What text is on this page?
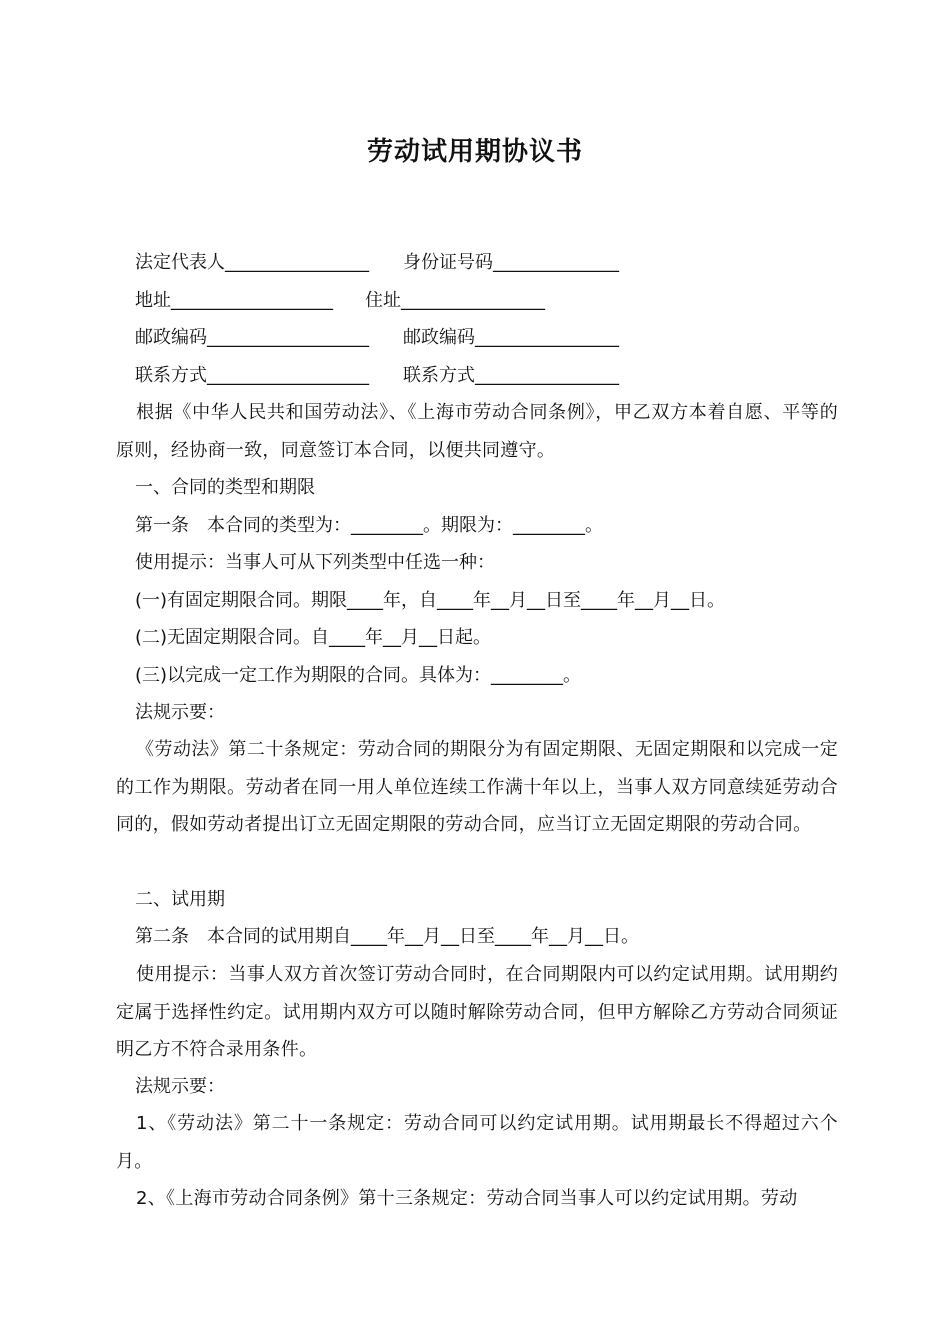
劳动试用期协议书
法定代表人________________ 身份证号码______________
地址__________________ 住址________________
邮政编码__________________ 邮政编码________________
联系方式__________________ 联系方式________________
根据《中华人民共和国劳动法》、《上海市劳动合同条例》，甲乙双方本着自愿、平等的原则，经协商一致，同意签订本合同，以便共同遵守。
一、合同的类型和期限
第一条　本合同的类型为：________。期限为：________。
使用提示：当事人可从下列类型中任选一种：
(一)有固定期限合同。期限____年，自____年__月__日至____年__月__日。
(二)无固定期限合同。自____年__月__日起。
(三)以完成一定工作为期限的合同。具体为：________。
法规示要：
《劳动法》第二十条规定：劳动合同的期限分为有固定期限、无固定期限和以完成一定的工作为期限。劳动者在同一用人单位连续工作满十年以上，当事人双方同意续延劳动合同的，假如劳动者提出订立无固定期限的劳动合同，应当订立无固定期限的劳动合同。
二、试用期
第二条　本合同的试用期自____年__月__日至____年__月__日。
使用提示：当事人双方首次签订劳动合同时，在合同期限内可以约定试用期。试用期约定属于选择性约定。试用期内双方可以随时解除劳动合同，但甲方解除乙方劳动合同须证明乙方不符合录用条件。
法规示要：
1、《劳动法》第二十一条规定：劳动合同可以约定试用期。试用期最长不得超过六个月。
2、《上海市劳动合同条例》第十三条规定：劳动合同当事人可以约定试用期。劳动
